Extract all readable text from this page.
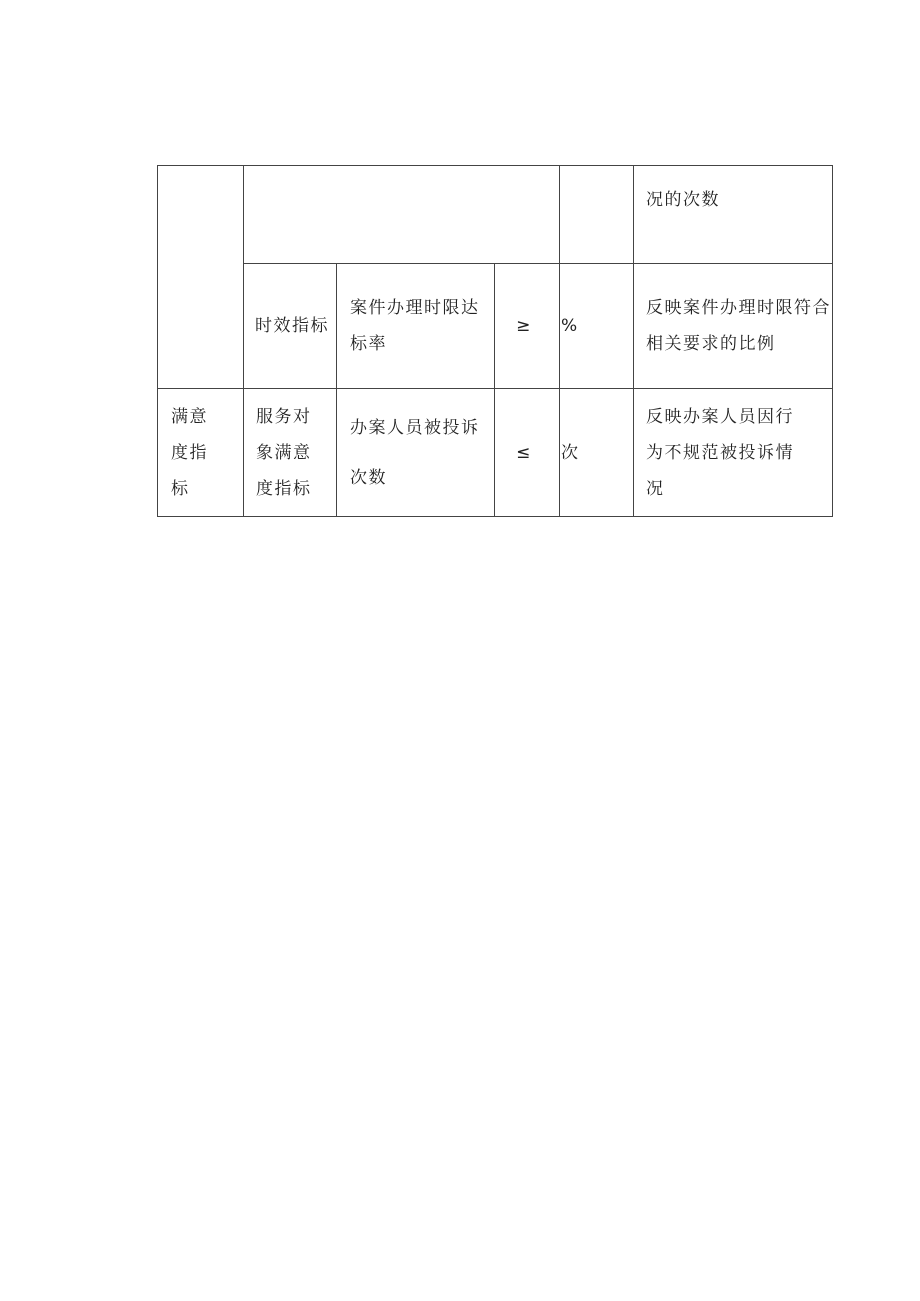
					况的次数
	时效指标	案件办理时限达标率	≥	%	反映案件办理时限符合相关要求的比例
满意度指标	服务对象满意度指标	办案人员被投诉次数	≤	次	反映办案人员因行为不规范被投诉情况
